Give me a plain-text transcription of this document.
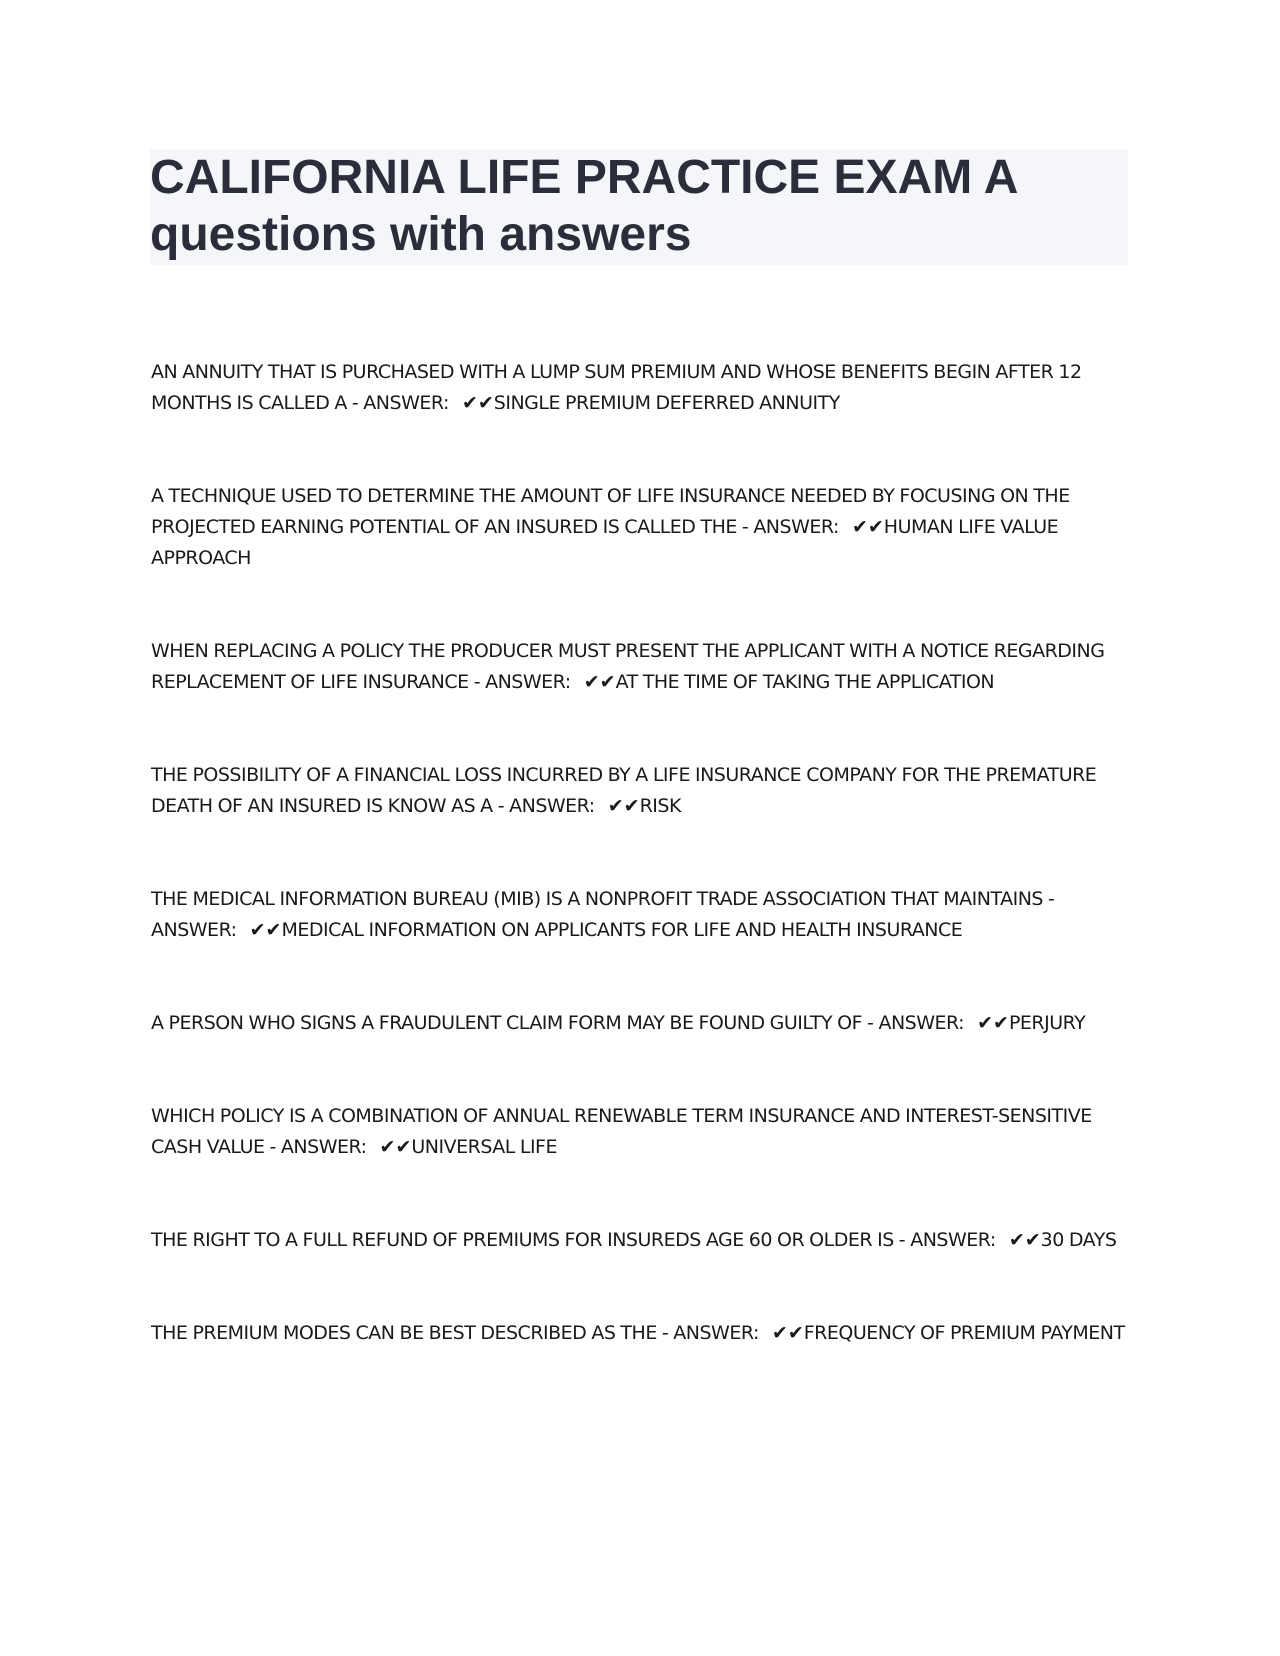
CALIFORNIA LIFE PRACTICE EXAM A questions with answers
AN ANNUITY THAT IS PURCHASED WITH A LUMP SUM PREMIUM AND WHOSE BENEFITS BEGIN AFTER 12 MONTHS IS CALLED A - ANSWER: ✔✔SINGLE PREMIUM DEFERRED ANNUITY
A TECHNIQUE USED TO DETERMINE THE AMOUNT OF LIFE INSURANCE NEEDED BY FOCUSING ON THE PROJECTED EARNING POTENTIAL OF AN INSURED IS CALLED THE - ANSWER: ✔✔HUMAN LIFE VALUE APPROACH
WHEN REPLACING A POLICY THE PRODUCER MUST PRESENT THE APPLICANT WITH A NOTICE REGARDING REPLACEMENT OF LIFE INSURANCE - ANSWER: ✔✔AT THE TIME OF TAKING THE APPLICATION
THE POSSIBILITY OF A FINANCIAL LOSS INCURRED BY A LIFE INSURANCE COMPANY FOR THE PREMATURE DEATH OF AN INSURED IS KNOW AS A - ANSWER: ✔✔RISK
THE MEDICAL INFORMATION BUREAU (MIB) IS A NONPROFIT TRADE ASSOCIATION THAT MAINTAINS - ANSWER: ✔✔MEDICAL INFORMATION ON APPLICANTS FOR LIFE AND HEALTH INSURANCE
A PERSON WHO SIGNS A FRAUDULENT CLAIM FORM MAY BE FOUND GUILTY OF - ANSWER: ✔✔PERJURY
WHICH POLICY IS A COMBINATION OF ANNUAL RENEWABLE TERM INSURANCE AND INTEREST-SENSITIVE CASH VALUE - ANSWER: ✔✔UNIVERSAL LIFE
THE RIGHT TO A FULL REFUND OF PREMIUMS FOR INSUREDS AGE 60 OR OLDER IS - ANSWER: ✔✔30 DAYS
THE PREMIUM MODES CAN BE BEST DESCRIBED AS THE - ANSWER: ✔✔FREQUENCY OF PREMIUM PAYMENT
